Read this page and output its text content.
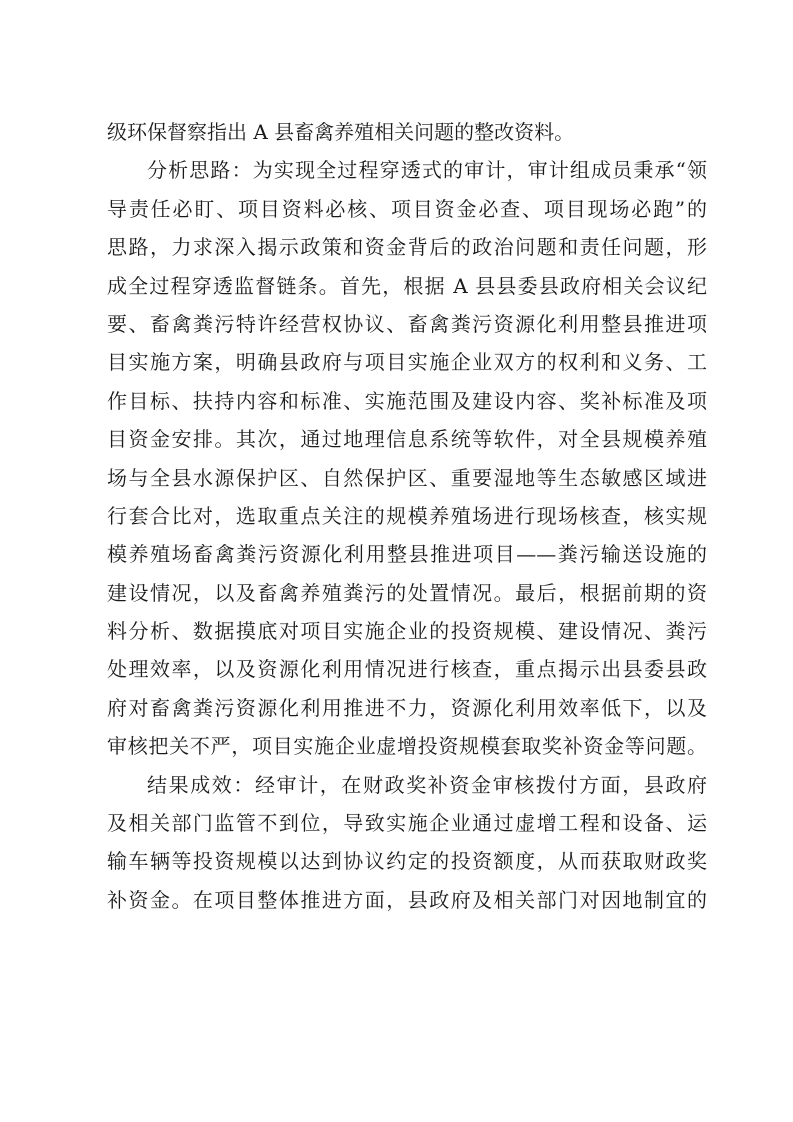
级环保督察指出 A 县畜禽养殖相关问题的整改资料。
分析思路：为实现全过程穿透式的审计，审计组成员秉承“领
导责任必盯、项目资料必核、项目资金必查、项目现场必跑”的
思路，力求深入揭示政策和资金背后的政治问题和责任问题，形
成全过程穿透监督链条。首先，根据 A 县县委县政府相关会议纪
要、畜禽粪污特许经营权协议、畜禽粪污资源化利用整县推进项
目实施方案，明确县政府与项目实施企业双方的权利和义务、工
作目标、扶持内容和标准、实施范围及建设内容、奖补标准及项
目资金安排。其次，通过地理信息系统等软件，对全县规模养殖
场与全县水源保护区、自然保护区、重要湿地等生态敏感区域进
行套合比对，选取重点关注的规模养殖场进行现场核查，核实规
模养殖场畜禽粪污资源化利用整县推进项目——粪污输送设施的
建设情况，以及畜禽养殖粪污的处置情况。最后，根据前期的资
料分析、数据摸底对项目实施企业的投资规模、建设情况、粪污
处理效率，以及资源化利用情况进行核查，重点揭示出县委县政
府对畜禽粪污资源化利用推进不力，资源化利用效率低下，以及
审核把关不严，项目实施企业虚增投资规模套取奖补资金等问题。
结果成效：经审计，在财政奖补资金审核拨付方面，县政府
及相关部门监管不到位，导致实施企业通过虚增工程和设备、运
输车辆等投资规模以达到协议约定的投资额度，从而获取财政奖
补资金。在项目整体推进方面，县政府及相关部门对因地制宜的
